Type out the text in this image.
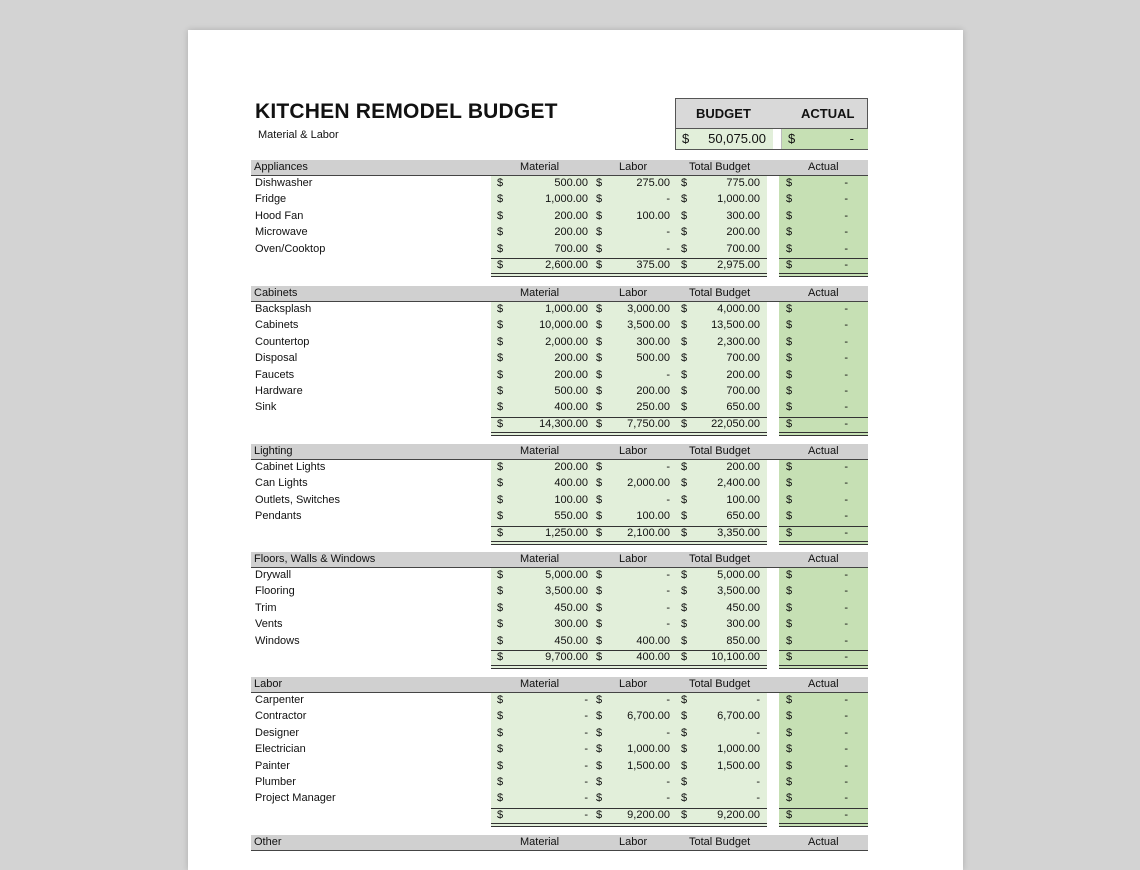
KITCHEN REMODEL BUDGET
Material & Labor
BUDGET	ACTUAL
$ 50,075.00 $	-
Appliances	Material	Labor	Total Budget	Actual
Dishwasher	$	500.00 $	275.00 $	775.00 $	-
Fridge	$	1,000.00 $	- $	1,000.00 $	-
Hood Fan	$	200.00 $	100.00 $	300.00 $	-
Microwave	$	200.00 $	- $	200.00 $	-
Oven/Cooktop	$	700.00 $	- $	700.00 $	-
$	2,600.00 $	375.00 $	2,975.00 $	-
Cabinets	Material	Labor	Total Budget	Actual
Backsplash	$	1,000.00 $ 3,000.00 $	4,000.00 $	-
Cabinets	$	10,000.00 $ 3,500.00 $ 13,500.00 $	-
Countertop	$	2,000.00 $	300.00 $	2,300.00 $	-
Disposal	$	200.00 $	500.00 $	700.00 $	-
Faucets	$	200.00 $	- $	200.00 $	-
Hardware	$	500.00 $	200.00 $	700.00 $	-
Sink	$	400.00 $	250.00 $	650.00 $	-
$	14,300.00 $ 7,750.00 $ 22,050.00 $	-
Lighting	Material	Labor	Total Budget	Actual
Cabinet Lights	$	200.00 $	- $	200.00 $	-
Can Lights	$	400.00 $ 2,000.00 $	2,400.00 $	-
Outlets, Switches	$	100.00 $	- $	100.00 $	-
Pendants	$	550.00 $	100.00 $	650.00 $	-
$	1,250.00 $ 2,100.00 $	3,350.00 $	-
Floors, Walls & Windows	Material	Labor	Total Budget	Actual
Drywall	$	5,000.00 $	- $	5,000.00 $	-
Flooring	$	3,500.00 $	- $	3,500.00 $	-
Trim	$	450.00 $	- $	450.00 $	-
Vents	$	300.00 $	- $	300.00 $	-
Windows	$	450.00 $	400.00 $	850.00 $	-
$	9,700.00 $	400.00 $ 10,100.00 $	-
Labor	Material	Labor	Total Budget	Actual
Carpenter	$	- $	- $	- $	-
Contractor	$	- $ 6,700.00 $	6,700.00 $	-
Designer	$	- $	- $	- $	-
Electrician	$	- $ 1,000.00 $	1,000.00 $	-
Painter	$	- $ 1,500.00 $	1,500.00 $	-
Plumber	$	- $	- $	- $	-
Project Manager	$	- $	- $	- $	-
$	- $ 9,200.00 $	9,200.00 $	-
Other	Material	Labor	Total Budget	Actual
